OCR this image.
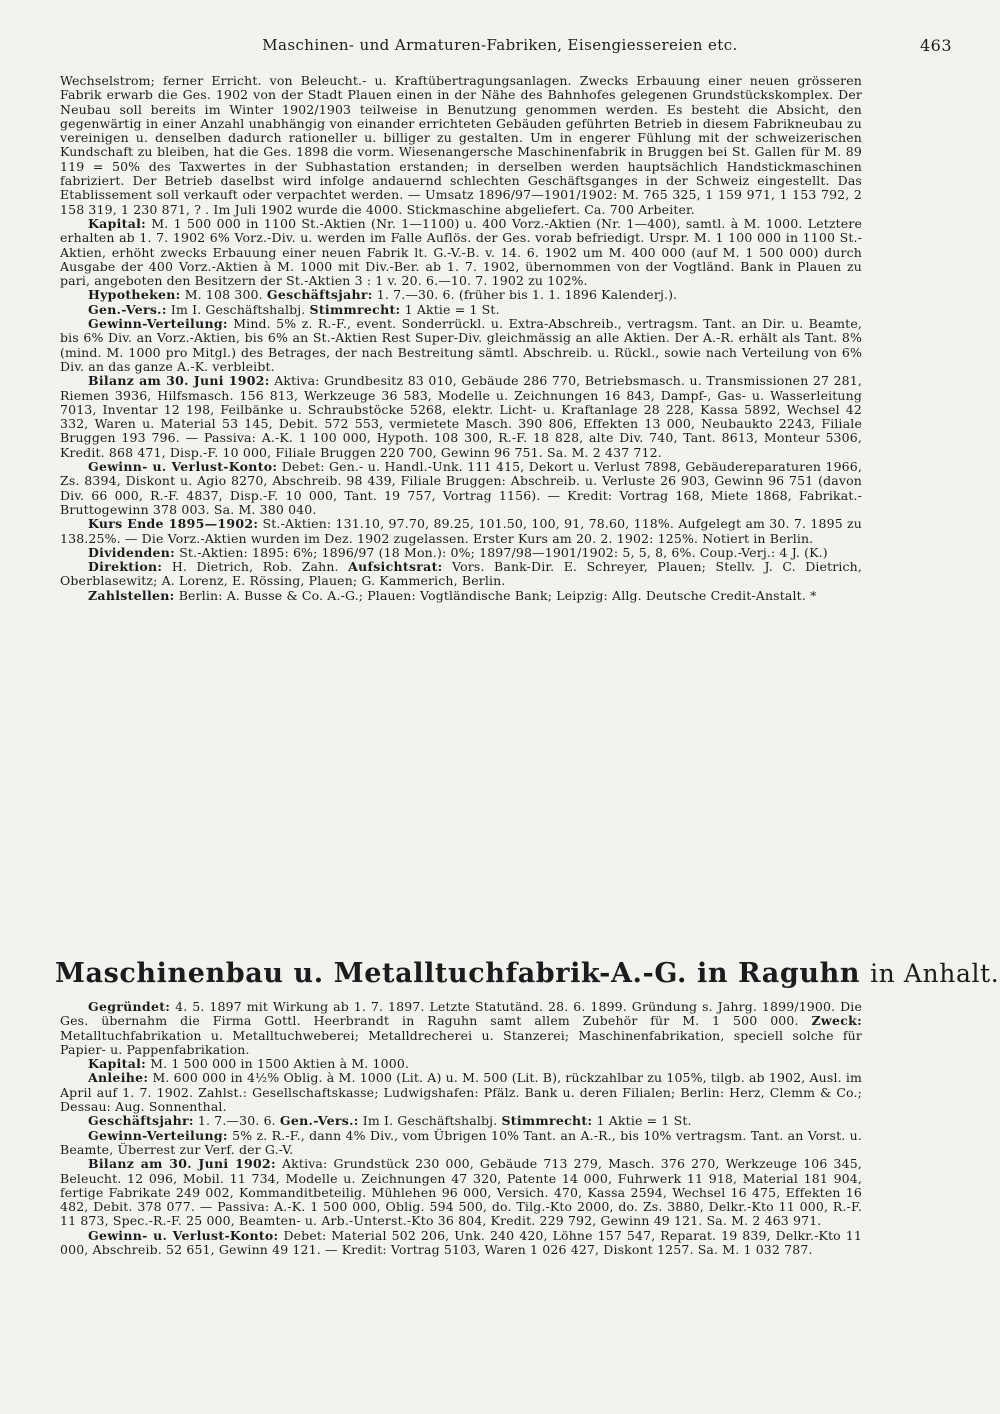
Maschinen- und Armaturen-Fabriken, Eisengiessereien etc.	463

Wechselstrom; ferner Erricht. von Beleucht.- u. Kraftübertragungsanlagen. Zwecks Erbauung einer neuen grösseren Fabrik erwarb die Ges. 1902 von der Stadt Plauen einen in der Nähe des Bahnhofes gelegenen Grundstückskomplex. Der Neubau soll bereits im Winter 1902/1903 teilweise in Benutzung genommen werden. Es besteht die Absicht, den gegenwärtig in einer Anzahl unabhängig von einander errichteten Gebäuden geführten Betrieb in diesem Fabrikneubau zu vereinigen u. denselben dadurch rationeller u. billiger zu gestalten. Um in engerer Fühlung mit der schweizerischen Kundschaft zu bleiben, hat die Ges. 1898 die vorm. Wiesenangersche Maschinenfabrik in Bruggen bei St. Gallen für M. 89 119 = 50% des Taxwertes in der Subhastation erstanden; in derselben werden hauptsächlich Handstickmaschinen fabriziert. Der Betrieb daselbst wird infolge andauernd schlechten Geschäftsganges in der Schweiz eingestellt. Das Etablissement soll verkauft oder verpachtet werden. — Umsatz 1896/97—1901/1902: M. 765 325, 1 159 971, 1 153 792, 2 158 319, 1 230 871, ? . Im Juli 1902 wurde die 4000. Stickmaschine abgeliefert. Ca. 700 Arbeiter.

Kapital: M. 1 500 000 in 1100 St.-Aktien (Nr. 1—1100) u. 400 Vorz.-Aktien (Nr. 1—400), samtl. à M. 1000. Letztere erhalten ab 1. 7. 1902 6% Vorz.-Div. u. werden im Falle Auflös. der Ges. vorab befriedigt. Urspr. M. 1 100 000 in 1100 St.-Aktien, erhöht zwecks Erbauung einer neuen Fabrik lt. G.-V.-B. v. 14. 6. 1902 um M. 400 000 (auf M. 1 500 000) durch Ausgabe der 400 Vorz.-Aktien à M. 1000 mit Div.-Ber. ab 1. 7. 1902, übernommen von der Vogtländ. Bank in Plauen zu pari, angeboten den Besitzern der St.-Aktien 3 : 1 v. 20. 6.—10. 7. 1902 zu 102%.

Hypotheken: M. 108 300. Geschäftsjahr: 1. 7.—30. 6. (früher bis 1. 1. 1896 Kalenderj.).

Gen.-Vers.: Im I. Geschäftshalbj. Stimmrecht: 1 Aktie = 1 St.

Gewinn-Verteilung: Mind. 5% z. R.-F., event. Sonderrückl. u. Extra-Abschreib., vertragsm. Tant. an Dir. u. Beamte, bis 6% Div. an Vorz.-Aktien, bis 6% an St.-Aktien Rest Super-Div. gleichmässig an alle Aktien. Der A.-R. erhält als Tant. 8% (mind. M. 1000 pro Mitgl.) des Betrages, der nach Bestreitung sämtl. Abschreib. u. Rückl., sowie nach Verteilung von 6% Div. an das ganze A.-K. verbleibt.

Bilanz am 30. Juni 1902: Aktiva: Grundbesitz 83 010, Gebäude 286 770, Betriebsmasch. u. Transmissionen 27 281, Riemen 3936, Hilfsmasch. 156 813, Werkzeuge 36 583, Modelle u. Zeichnungen 16 843, Dampf-, Gas- u. Wasserleitung 7013, Inventar 12 198, Feilbänke u. Schraubstöcke 5268, elektr. Licht- u. Kraftanlage 28 228, Kassa 5892, Wechsel 42 332, Waren u. Material 53 145, Debit. 572 553, vermietete Masch. 390 806, Effekten 13 000, Neubaukto 2243, Filiale Bruggen 193 796. — Passiva: A.-K. 1 100 000, Hypoth. 108 300, R.-F. 18 828, alte Div. 740, Tant. 8613, Monteur 5306, Kredit. 868 471, Disp.-F. 10 000, Filiale Bruggen 220 700, Gewinn 96 751. Sa. M. 2 437 712.

Gewinn- u. Verlust-Konto: Debet: Gen.- u. Handl.-Unk. 111 415, Dekort u. Verlust 7898, Gebäudereparaturen 1966, Zs. 8394, Diskont u. Agio 8270, Abschreib. 98 439, Filiale Bruggen: Abschreib. u. Verluste 26 903, Gewinn 96 751 (davon Div. 66 000, R.-F. 4837, Disp.-F. 10 000, Tant. 19 757, Vortrag 1156). — Kredit: Vortrag 168, Miete 1868, Fabrikat.-Bruttogewinn 378 003. Sa. M. 380 040.

Kurs Ende 1895—1902: St.-Aktien: 131.10, 97.70, 89.25, 101.50, 100, 91, 78.60, 118%. Aufgelegt am 30. 7. 1895 zu 138.25%. — Die Vorz.-Aktien wurden im Dez. 1902 zugelassen. Erster Kurs am 20. 2. 1902: 125%. Notiert in Berlin.

Dividenden: St.-Aktien: 1895: 6%; 1896/97 (18 Mon.): 0%; 1897/98—1901/1902: 5, 5, 8, 6%. Coup.-Verj.: 4 J. (K.)

Direktion: H. Dietrich, Rob. Zahn. Aufsichtsrat: Vors. Bank-Dir. E. Schreyer, Plauen; Stellv. J. C. Dietrich, Oberblasewitz; A. Lorenz, E. Rössing, Plauen; G. Kammerich, Berlin.

Zahlstellen: Berlin: A. Busse & Co. A.-G.; Plauen: Vogtländische Bank; Leipzig: Allg. Deutsche Credit-Anstalt. *

Maschinenbau u. Metalltuchfabrik-A.-G. in Raguhn in Anhalt.

Gegründet: 4. 5. 1897 mit Wirkung ab 1. 7. 1897. Letzte Statutänd. 28. 6. 1899. Gründung s. Jahrg. 1899/1900. Die Ges. übernahm die Firma Gottl. Heerbrandt in Raguhn samt allem Zubehör für M. 1 500 000. Zweck: Metalltuchfabrikation u. Metalltuchweberei; Metalldrecherei u. Stanzerei; Maschinenfabrikation, speciell solche für Papier- u. Pappenfabrikation.

Kapital: M. 1 500 000 in 1500 Aktien à M. 1000.

Anleihe: M. 600 000 in 4½% Oblig. à M. 1000 (Lit. A) u. M. 500 (Lit. B), rückzahlbar zu 105%, tilgb. ab 1902, Ausl. im April auf 1. 7. 1902. Zahlst.: Gesellschaftskasse; Ludwigshafen: Pfälz. Bank u. deren Filialen; Berlin: Herz, Clemm & Co.; Dessau: Aug. Sonnenthal.

Geschäftsjahr: 1. 7.—30. 6. Gen.-Vers.: Im I. Geschäftshalbj. Stimmrecht: 1 Aktie = 1 St.

Gewinn-Verteilung: 5% z. R.-F., dann 4% Div., vom Übrigen 10% Tant. an A.-R., bis 10% vertragsm. Tant. an Vorst. u. Beamte, Überrest zur Verf. der G.-V.

Bilanz am 30. Juni 1902: Aktiva: Grundstück 230 000, Gebäude 713 279, Masch. 376 270, Werkzeuge 106 345, Beleucht. 12 096, Mobil. 11 734, Modelle u. Zeichnungen 47 320, Patente 14 000, Fuhrwerk 11 918, Material 181 904, fertige Fabrikate 249 002, Kommanditbeteilig. Mühlehen 96 000, Versich. 470, Kassa 2594, Wechsel 16 475, Effekten 16 482, Debit. 378 077. — Passiva: A.-K. 1 500 000, Oblig. 594 500, do. Tilg.-Kto 2000, do. Zs. 3880, Delkr.-Kto 11 000, R.-F. 11 873, Spec.-R.-F. 25 000, Beamten- u. Arb.-Unterst.-Kto 36 804, Kredit. 229 792, Gewinn 49 121. Sa. M. 2 463 971.

Gewinn- u. Verlust-Konto: Debet: Material 502 206, Unk. 240 420, Löhne 157 547, Reparat. 19 839, Delkr.-Kto 11 000, Abschreib. 52 651, Gewinn 49 121. — Kredit: Vortrag 5103, Waren 1 026 427, Diskont 1257. Sa. M. 1 032 787.
